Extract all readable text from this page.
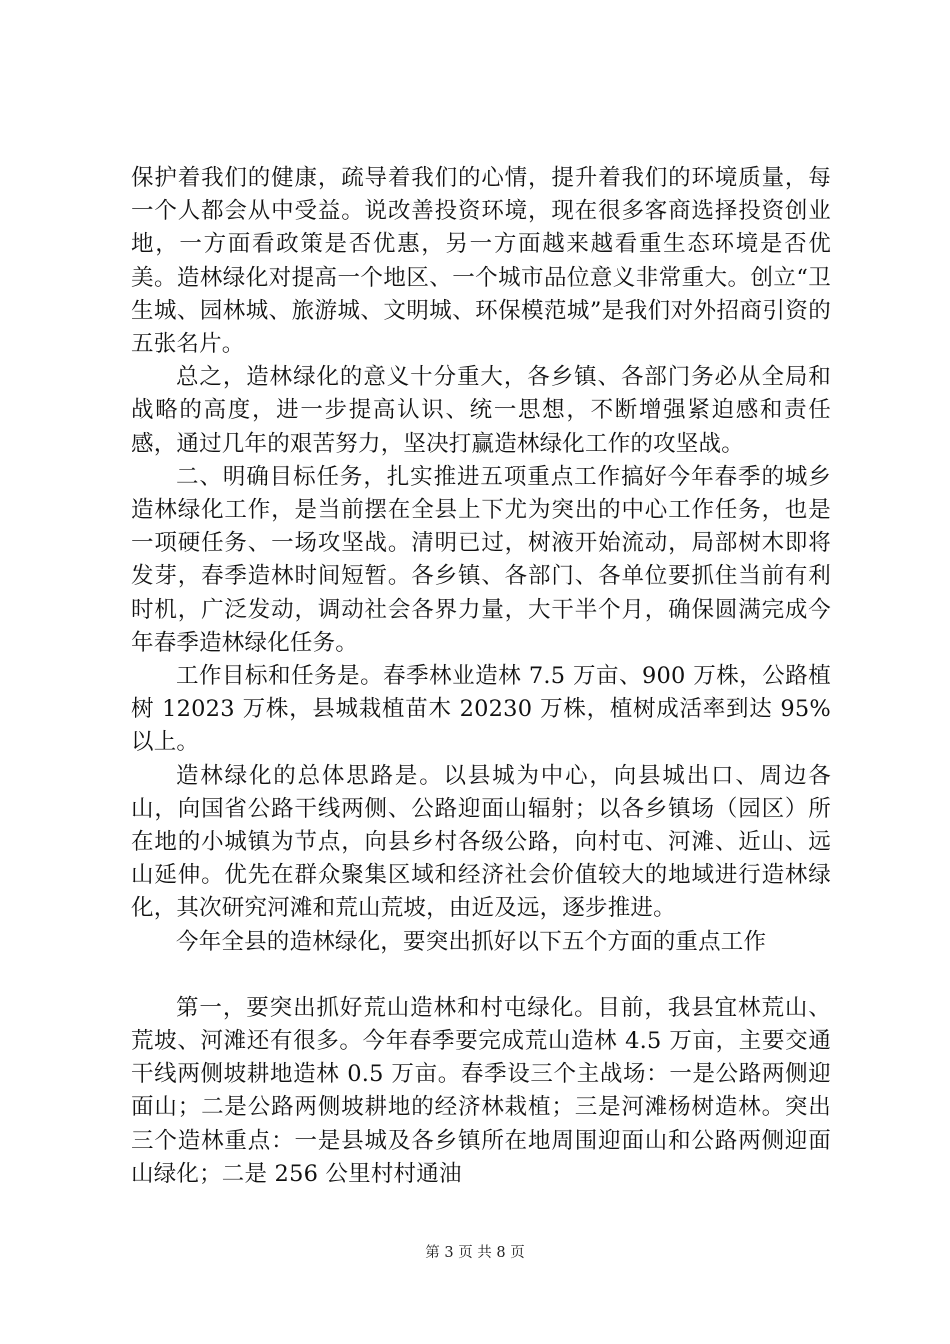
保护着我们的健康，疏导着我们的心情，提升着我们的环境质量，每一个人都会从中受益。说改善投资环境，现在很多客商选择投资创业地，一方面看政策是否优惠，另一方面越来越看重生态环境是否优美。造林绿化对提高一个地区、一个城市品位意义非常重大。创立“卫生城、园林城、旅游城、文明城、环保模范城”是我们对外招商引资的五张名片。

总之，造林绿化的意义十分重大，各乡镇、各部门务必从全局和战略的高度，进一步提高认识、统一思想，不断增强紧迫感和责任感，通过几年的艰苦努力，坚决打赢造林绿化工作的攻坚战。

二、明确目标任务，扎实推进五项重点工作搞好今年春季的城乡造林绿化工作，是当前摆在全县上下尤为突出的中心工作任务，也是一项硬任务、一场攻坚战。清明已过，树液开始流动，局部树木即将发芽，春季造林时间短暂。各乡镇、各部门、各单位要抓住当前有利时机，广泛发动，调动社会各界力量，大干半个月，确保圆满完成今年春季造林绿化任务。

工作目标和任务是。春季林业造林 7.5 万亩、900 万株，公路植树 12023 万株，县城栽植苗木 20230 万株，植树成活率到达 95%以上。

造林绿化的总体思路是。以县城为中心，向县城出口、周边各山，向国省公路干线两侧、公路迎面山辐射；以各乡镇场（园区）所在地的小城镇为节点，向县乡村各级公路，向村屯、河滩、近山、远山延伸。优先在群众聚集区域和经济社会价值较大的地域进行造林绿化，其次研究河滩和荒山荒坡，由近及远，逐步推进。

今年全县的造林绿化，要突出抓好以下五个方面的重点工作

第一，要突出抓好荒山造林和村屯绿化。目前，我县宜林荒山、荒坡、河滩还有很多。今年春季要完成荒山造林 4.5 万亩，主要交通干线两侧坡耕地造林 0.5 万亩。春季设三个主战场：一是公路两侧迎面山；二是公路两侧坡耕地的经济林栽植；三是河滩杨树造林。突出三个造林重点：一是县城及各乡镇所在地周围迎面山和公路两侧迎面山绿化；二是 256 公里村村通油

第 3 页 共 8 页
